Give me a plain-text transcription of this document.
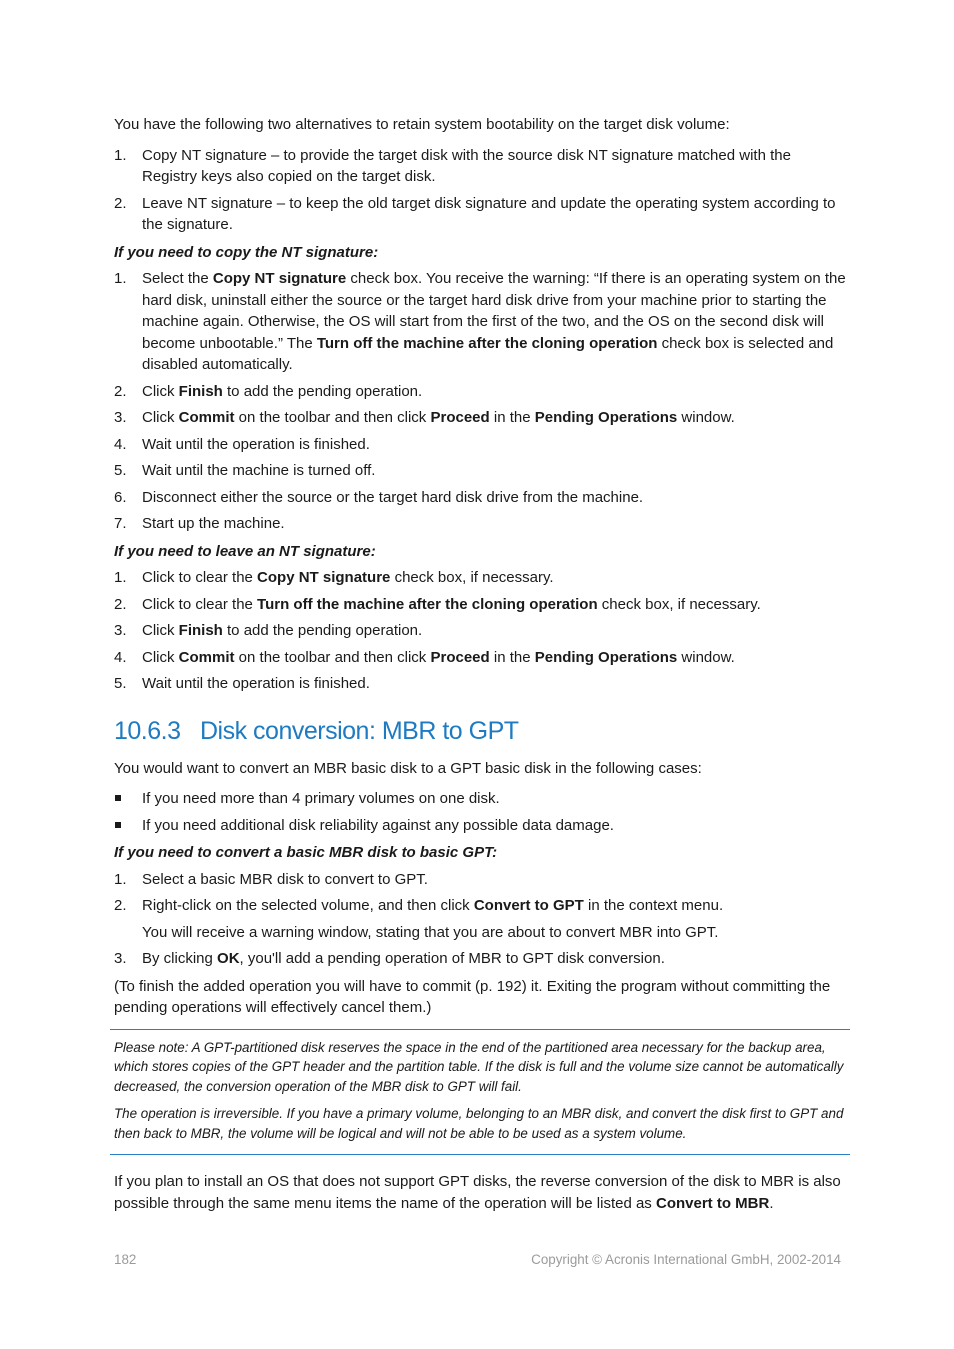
You have the following two alternatives to retain system bootability on the target disk volume:

1. Copy NT signature – to provide the target disk with the source disk NT signature matched with the Registry keys also copied on the target disk.
2. Leave NT signature – to keep the old target disk signature and update the operating system according to the signature.

If you need to copy the NT signature:

1. Select the Copy NT signature check box. You receive the warning: “If there is an operating system on the hard disk, uninstall either the source or the target hard disk drive from your machine prior to starting the machine again. Otherwise, the OS will start from the first of the two, and the OS on the second disk will become unbootable.” The Turn off the machine after the cloning operation check box is selected and disabled automatically.
2. Click Finish to add the pending operation.
3. Click Commit on the toolbar and then click Proceed in the Pending Operations window.
4. Wait until the operation is finished.
5. Wait until the machine is turned off.
6. Disconnect either the source or the target hard disk drive from the machine.
7. Start up the machine.

If you need to leave an NT signature:

1. Click to clear the Copy NT signature check box, if necessary.
2. Click to clear the Turn off the machine after the cloning operation check box, if necessary.
3. Click Finish to add the pending operation.
4. Click Commit on the toolbar and then click Proceed in the Pending Operations window.
5. Wait until the operation is finished.
10.6.3 Disk conversion: MBR to GPT

You would want to convert an MBR basic disk to a GPT basic disk in the following cases:

If you need more than 4 primary volumes on one disk.
If you need additional disk reliability against any possible data damage.

If you need to convert a basic MBR disk to basic GPT:

1. Select a basic MBR disk to convert to GPT.
2. Right-click on the selected volume, and then click Convert to GPT in the context menu.
You will receive a warning window, stating that you are about to convert MBR into GPT.
3. By clicking OK, you'll add a pending operation of MBR to GPT disk conversion.

(To finish the added operation you will have to commit (p. 192) it. Exiting the program without committing the pending operations will effectively cancel them.)

Please note: A GPT-partitioned disk reserves the space in the end of the partitioned area necessary for the backup area, which stores copies of the GPT header and the partition table. If the disk is full and the volume size cannot be automatically decreased, the conversion operation of the MBR disk to GPT will fail.

The operation is irreversible. If you have a primary volume, belonging to an MBR disk, and convert the disk first to GPT and then back to MBR, the volume will be logical and will not be able to be used as a system volume.

If you plan to install an OS that does not support GPT disks, the reverse conversion of the disk to MBR is also possible through the same menu items the name of the operation will be listed as Convert to MBR.

182	Copyright © Acronis International GmbH, 2002-2014
